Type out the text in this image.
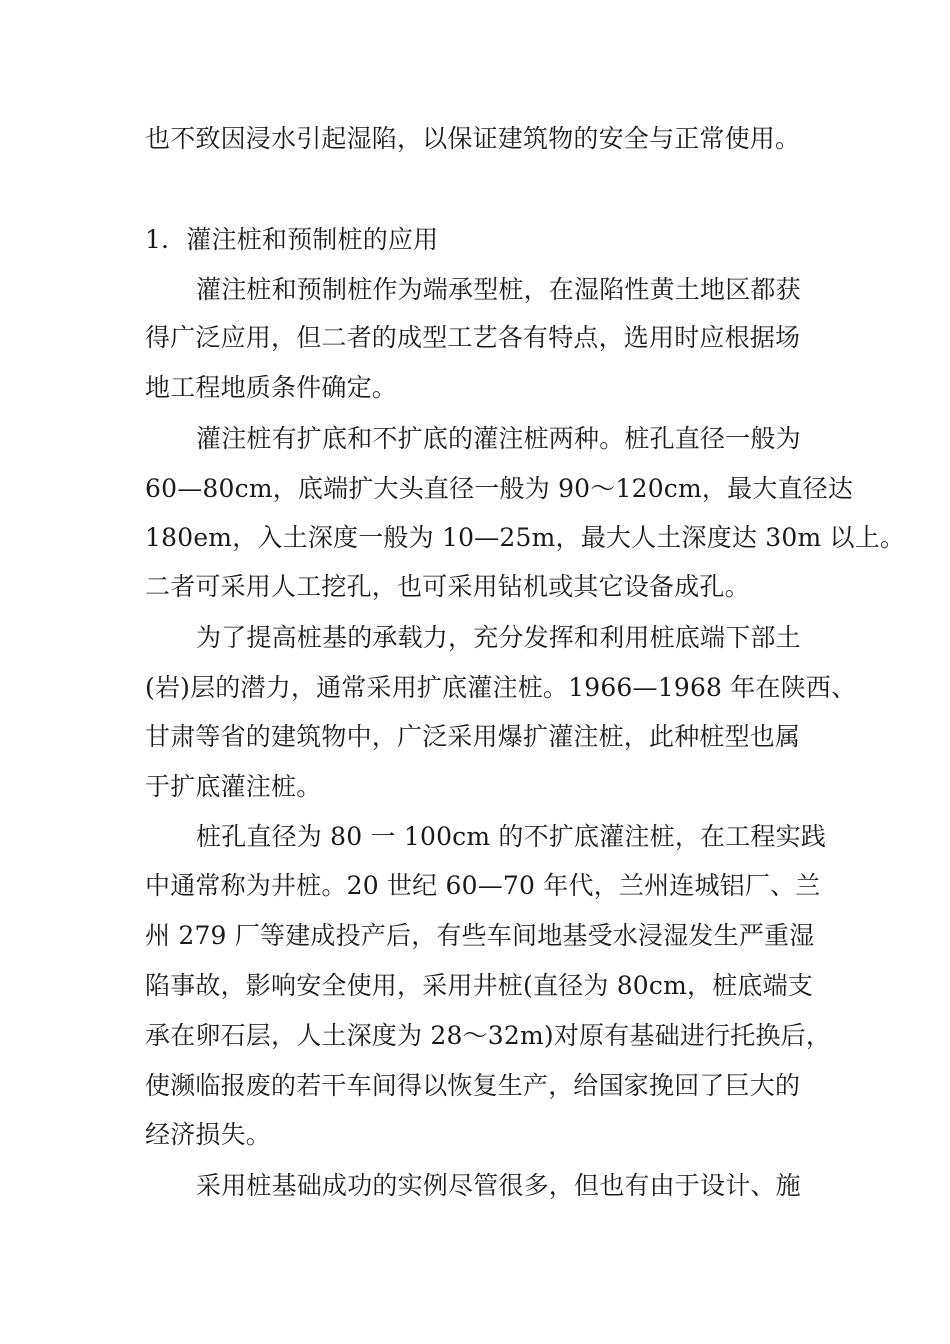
也不致因浸水引起湿陷，以保证建筑物的安全与正常使用。
1．灌注桩和预制桩的应用
灌注桩和预制桩作为端承型桩，在湿陷性黄土地区都获
得广泛应用，但二者的成型工艺各有特点，选用时应根据场
地工程地质条件确定。
灌注桩有扩底和不扩底的灌注桩两种。桩孔直径一般为
60—80cm，底端扩大头直径一般为 90～120cm，最大直径达
180em，入土深度一般为 10—25m，最大人土深度达 30m 以上。
二者可采用人工挖孔，也可采用钻机或其它设备成孔。
为了提高桩基的承载力，充分发挥和利用桩底端下部土
(岩)层的潜力，通常采用扩底灌注桩。1966—1968 年在陕西、
甘肃等省的建筑物中，广泛采用爆扩灌注桩，此种桩型也属
于扩底灌注桩。
桩孔直径为 80 一 100cm 的不扩底灌注桩，在工程实践
中通常称为井桩。20 世纪 60—70 年代，兰州连城铝厂、兰
州 279 厂等建成投产后，有些车间地基受水浸湿发生严重湿
陷事故，影响安全使用，采用井桩(直径为 80cm，桩底端支
承在卵石层，人土深度为 28～32m)对原有基础进行托换后，
使濒临报废的若干车间得以恢复生产，给国家挽回了巨大的
经济损失。
采用桩基础成功的实例尽管很多，但也有由于设计、施
